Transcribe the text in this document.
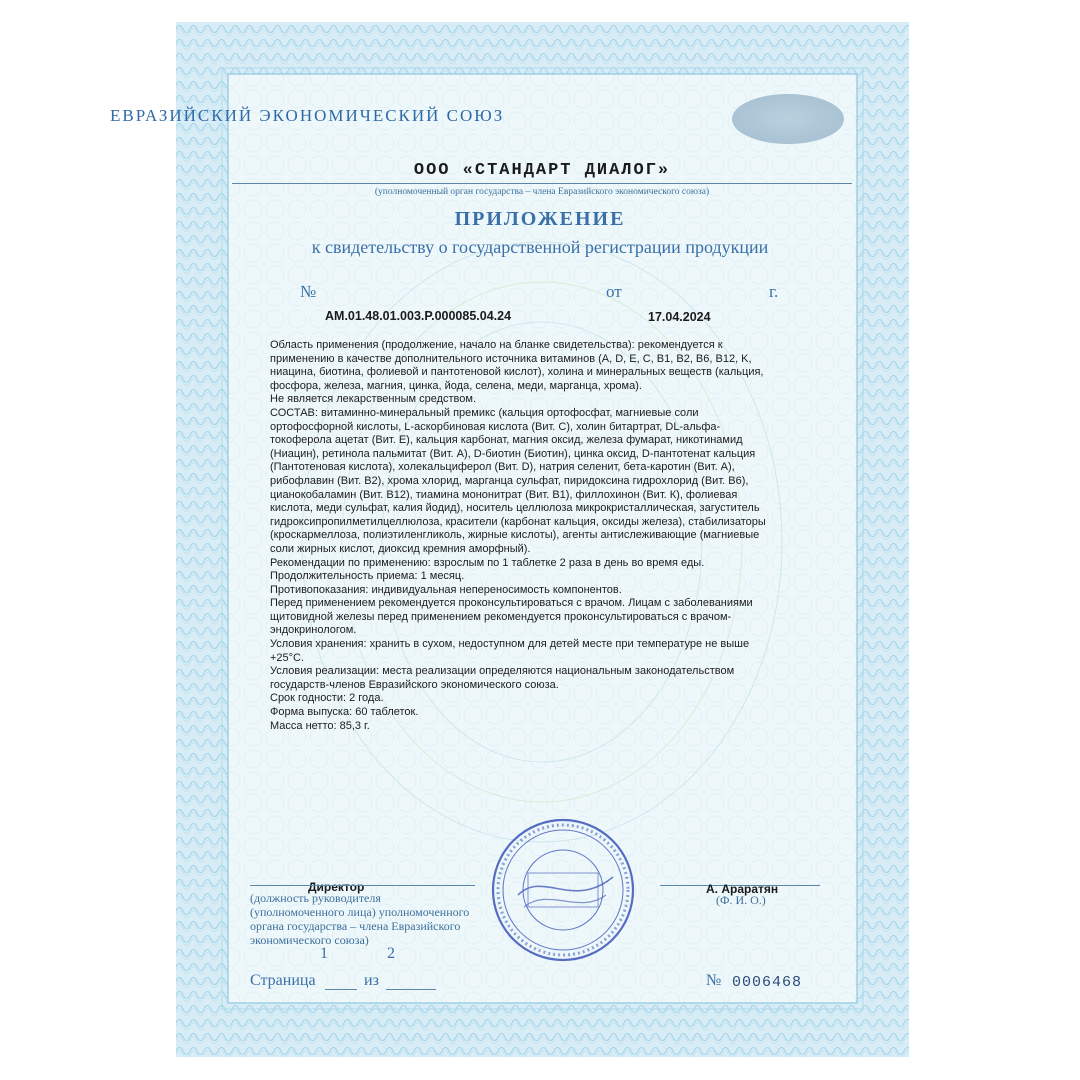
ЕВРАЗИЙСКИЙ ЭКОНОМИЧЕСКИЙ СОЮЗ
ООО «СТАНДАРТ ДИАЛОГ»
(уполномоченный орган государства – члена Евразийского экономического союза)
ПРИЛОЖЕНИЕ
к свидетельству о государственной регистрации продукции
№
AM.01.48.01.003.P.000085.04.24
от
17.04.2024
г.
Область применения (продолжение, начало на бланке свидетельства): рекомендуется к
применению в качестве дополнительного источника витаминов (A, D, E, C, B1, B2, B6, B12, K,
ниацина, биотина, фолиевой и пантотеновой кислот), холина и минеральных веществ (кальция,
фосфора, железа, магния, цинка, йода, селена, меди, марганца, хрома).
Не является лекарственным средством.
СОСТАВ: витаминно-минеральный премикс (кальция ортофосфат, магниевые соли
ортофосфорной кислоты, L-аскорбиновая кислота (Вит. С), холин битартрат, DL-альфа-
токоферола ацетат (Вит. Е), кальция карбонат, магния оксид, железа фумарат, никотинамид
(Ниацин), ретинола пальмитат (Вит. А), D-биотин (Биотин), цинка оксид, D-пантотенат кальция
(Пантотеновая кислота), холекальциферол (Вит. D), натрия селенит, бета-каротин (Вит. А),
рибофлавин (Вит. В2), хрома хлорид, марганца сульфат, пиридоксина гидрохлорид (Вит. В6),
цианокобаламин (Вит. В12), тиамина мононитрат (Вит. В1), филлохинон (Вит. К), фолиевая
кислота, меди сульфат, калия йодид), носитель целлюлоза микрокристаллическая, загуститель
гидроксипропилметилцеллюлоза, красители (карбонат кальция, оксиды железа), стабилизаторы
(кроскармеллоза, полиэтиленгликоль, жирные кислоты), агенты антислеживающие (магниевые
соли жирных кислот, диоксид кремния аморфный).
Рекомендации по применению: взрослым по 1 таблетке 2 раза в день во время еды.
Продолжительность приема: 1 месяц.
Противопоказания: индивидуальная непереносимость компонентов.
Перед применением рекомендуется проконсультироваться с врачом. Лицам с заболеваниями
щитовидной железы перед применением рекомендуется проконсультироваться с врачом-
эндокринологом.
Условия хранения: хранить в сухом, недоступном для детей месте при температуре не выше
+25°С.
Условия реализации: места реализации определяются национальным законодательством
государств-членов Евразийского экономического союза.
Срок годности: 2 года.
Форма выпуска: 60 таблеток.
Масса нетто: 85,3 г.
Директор
(должность руководителя
(уполномоченного лица) уполномоченного
органа государства – члена Евразийского
экономического союза)
А. Араратян
(Ф. И. О.)
1	2
Страница	из	№ 0006468
